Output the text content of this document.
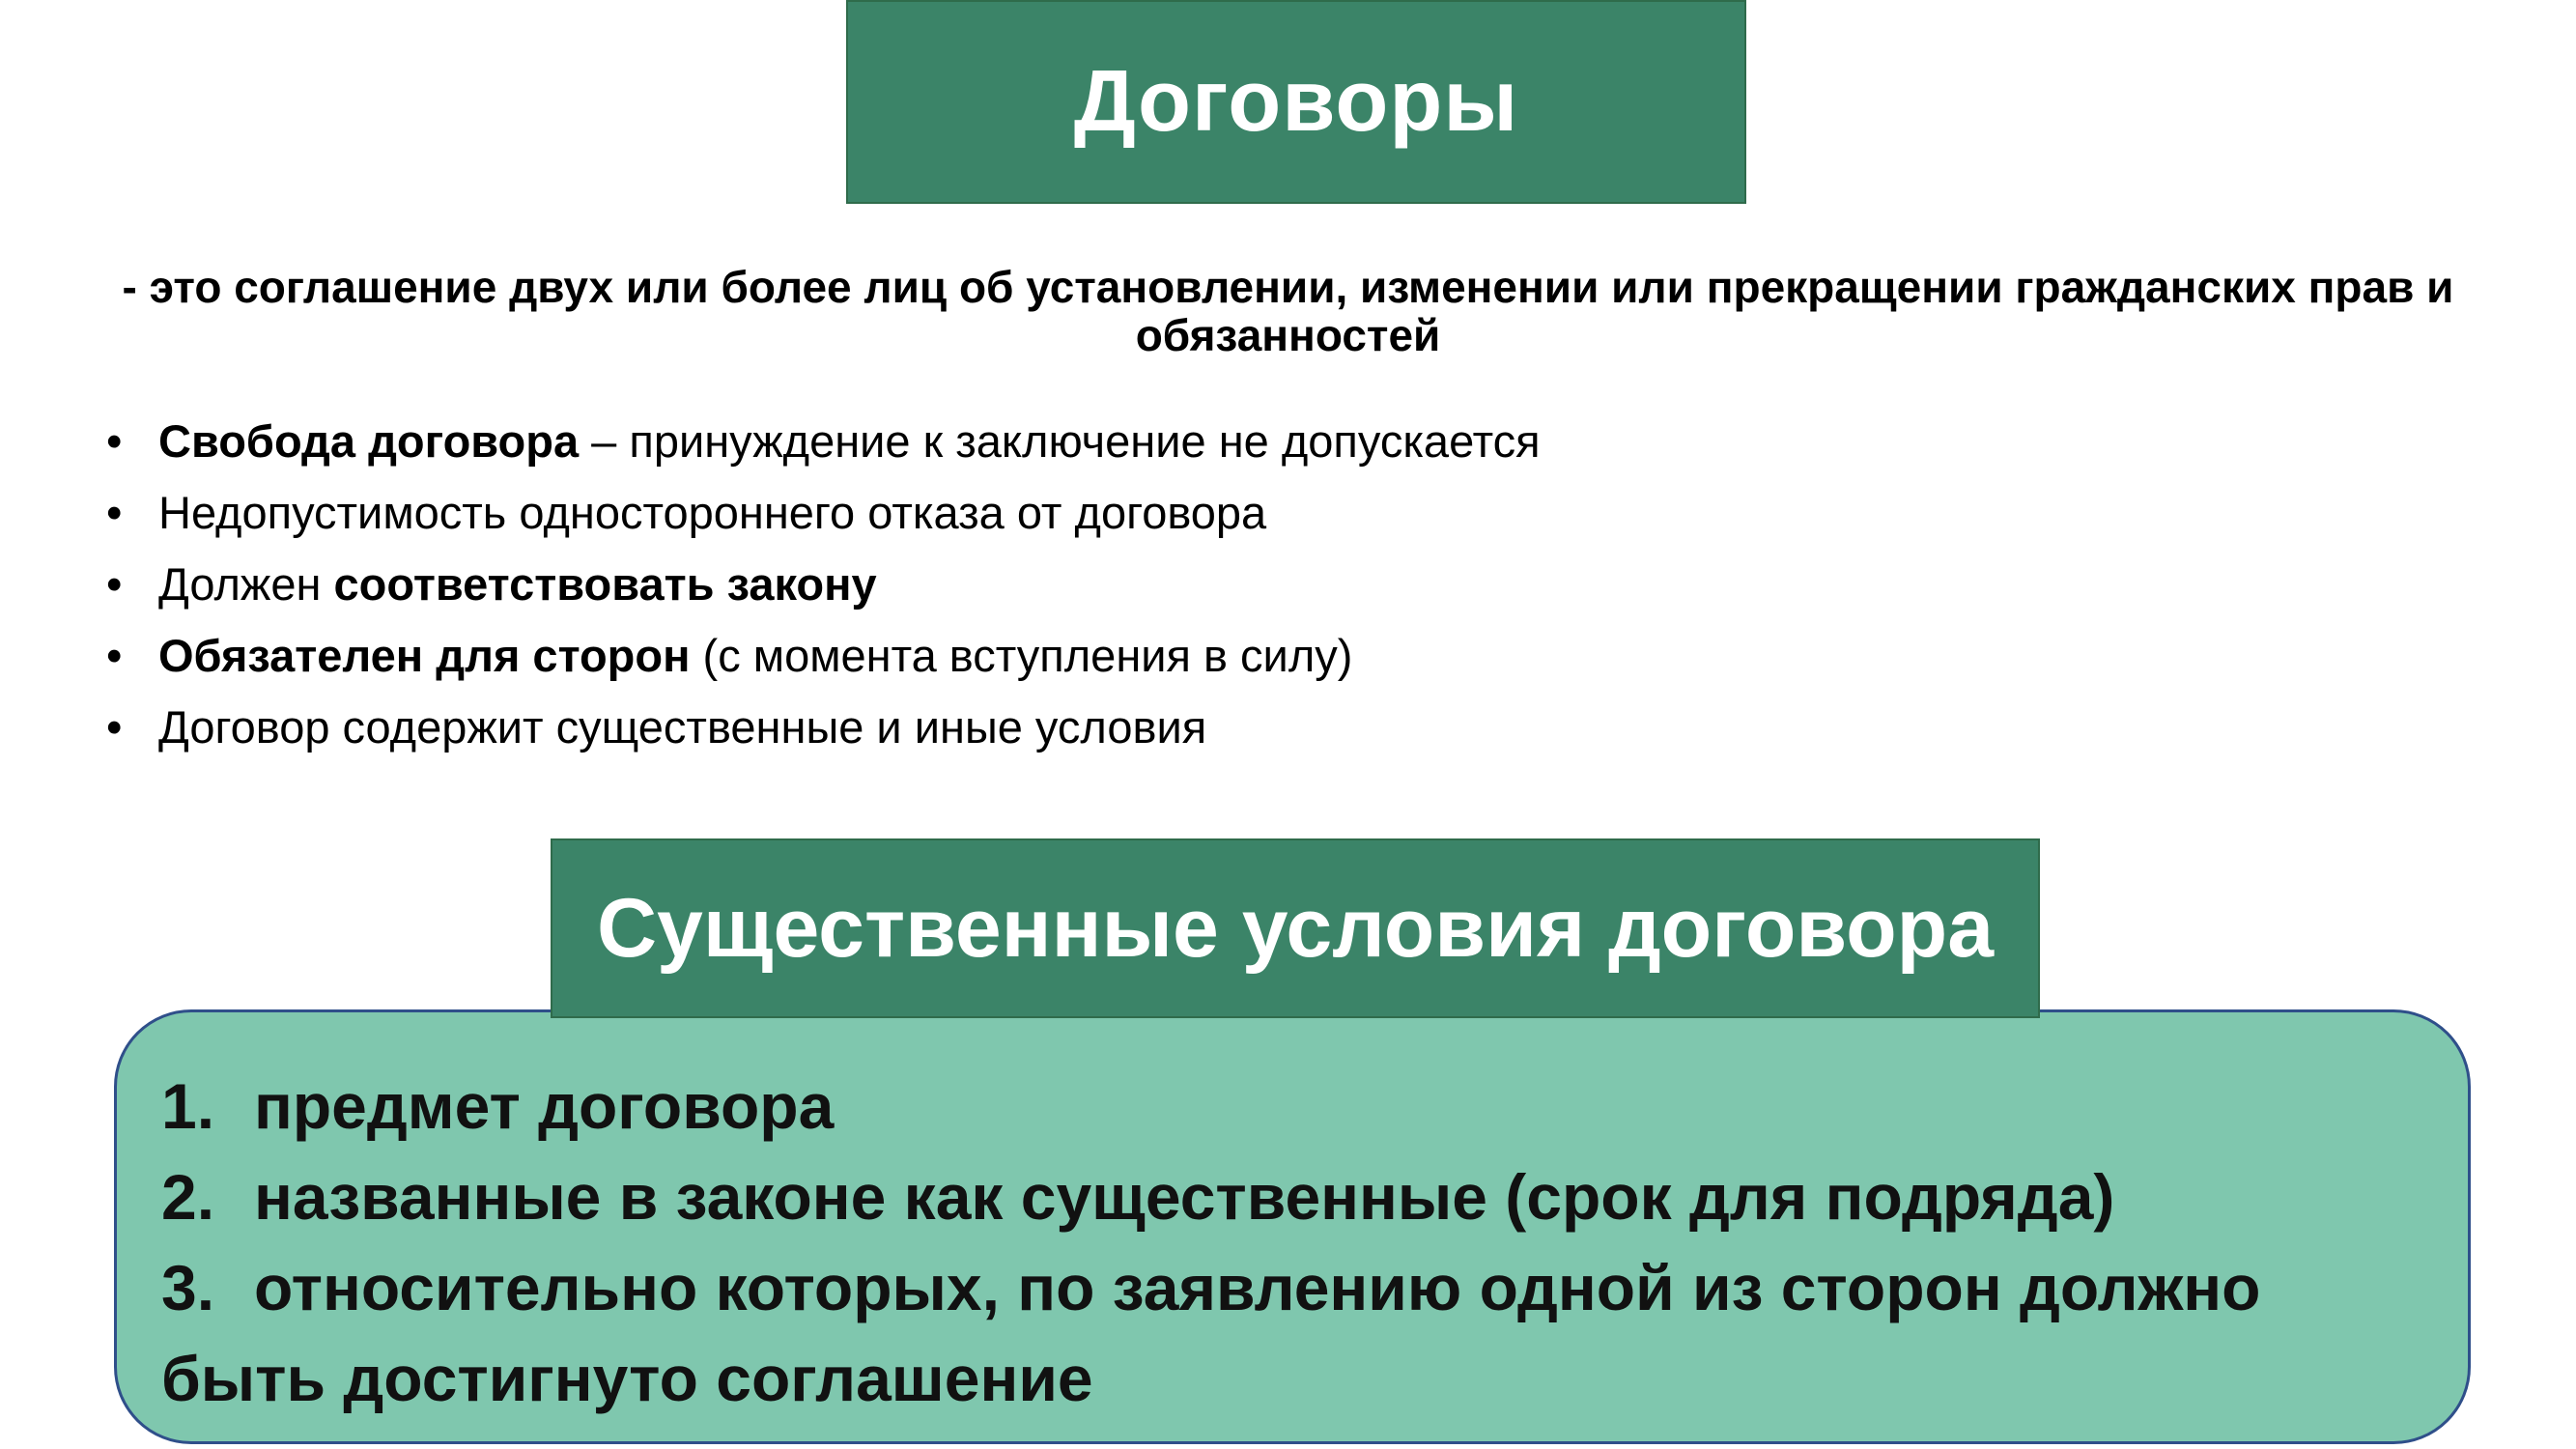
Договоры
- это соглашение двух или более лиц об установлении, изменении или прекращении гражданских прав и обязанностей
• Свобода договора – принуждение к заключение не допускается
• Недопустимость одностороннего отказа от договора
• Должен соответствовать закону
• Обязателен для сторон (с момента вступления в силу)
• Договор содержит существенные и иные условия
1. предмет договора
2. названные в законе как существенные (срок для подряда)
3. относительно которых, по заявлению одной из сторон должно
быть достигнуто соглашение
Существенные условия договора
